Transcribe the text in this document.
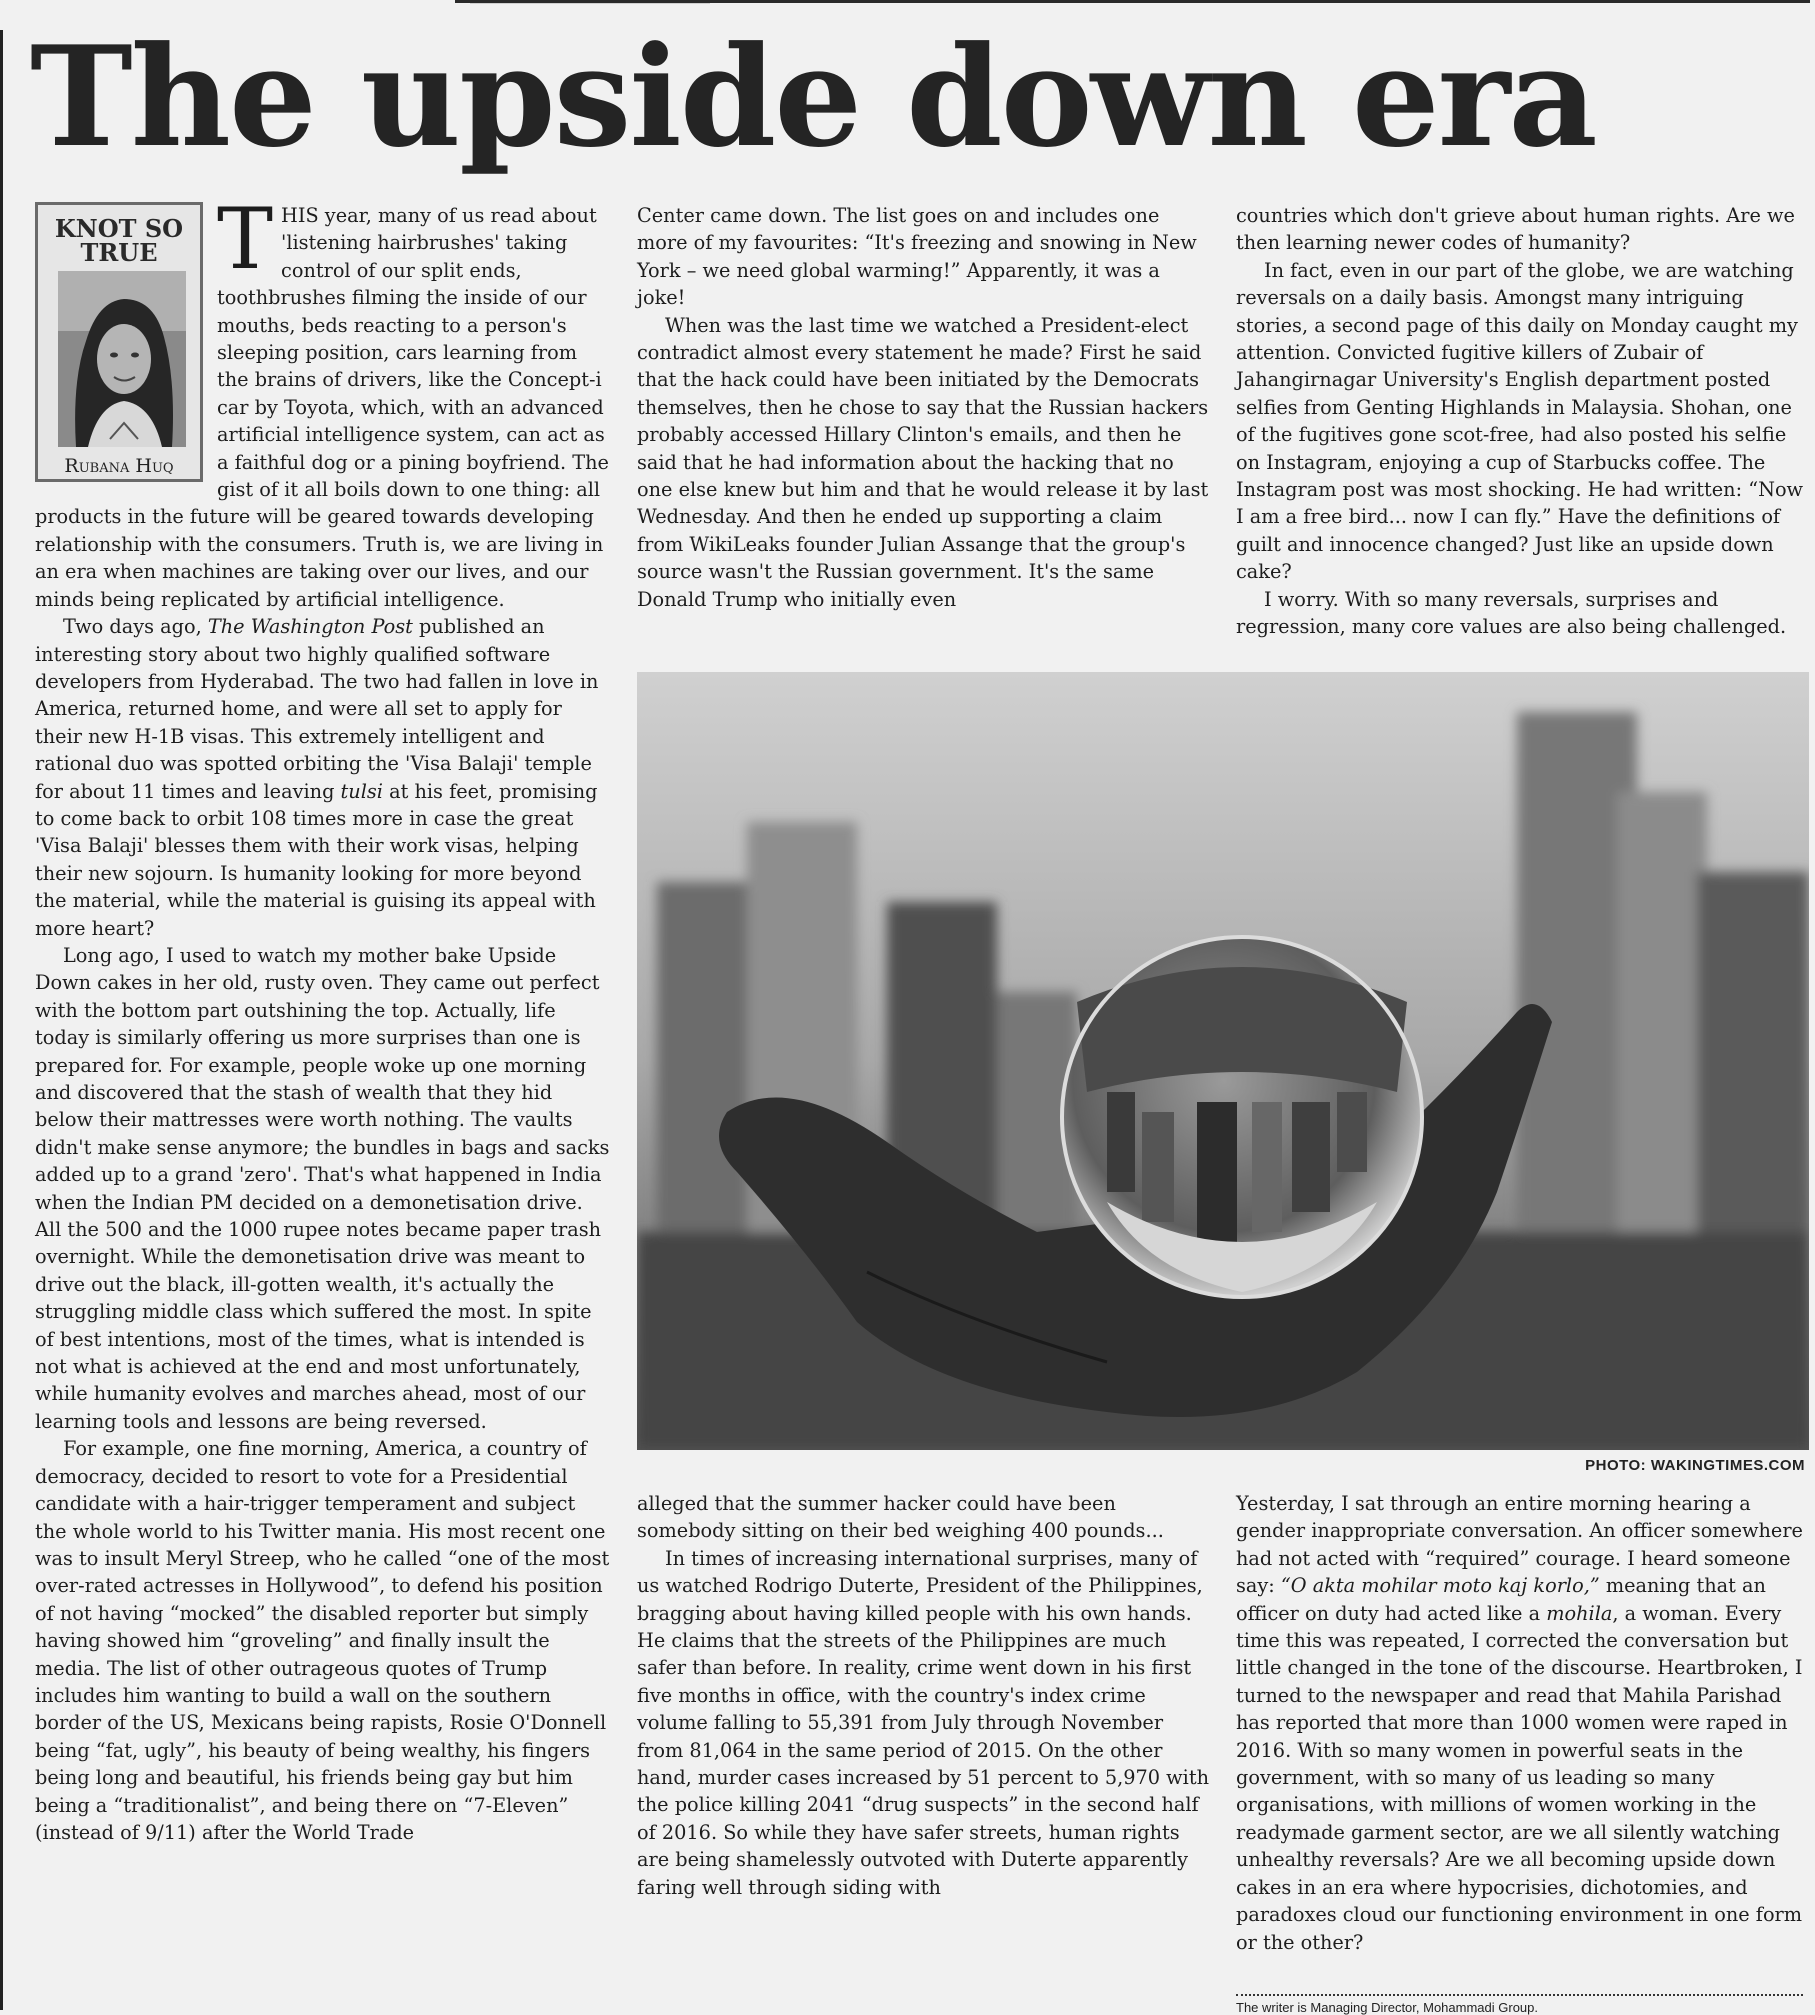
The upside down era
KNOT SO TRUE
Rubana Huq

THIS year, many of us read about 'listening hairbrushes' taking control of our split ends, toothbrushes filming the inside of our mouths, beds reacting to a person's sleeping position, cars learning from the brains of drivers, like the Concept-i car by Toyota, which, with an advanced artificial intelligence system, can act as a faithful dog or a pining boyfriend. The gist of it all boils down to one thing: all products in the future will be geared towards developing relationship with the consumers. Truth is, we are living in an era when machines are taking over our lives, and our minds being replicated by artificial intelligence.

Two days ago, The Washington Post published an interesting story about two highly qualified software developers from Hyderabad. The two had fallen in love in America, returned home, and were all set to apply for their new H-1B visas. This extremely intelligent and rational duo was spotted orbiting the 'Visa Balaji' temple for about 11 times and leaving tulsi at his feet, promising to come back to orbit 108 times more in case the great 'Visa Balaji' blesses them with their work visas, helping their new sojourn. Is humanity looking for more beyond the material, while the material is guising its appeal with more heart?

Long ago, I used to watch my mother bake Upside Down cakes in her old, rusty oven. They came out perfect with the bottom part outshining the top. Actually, life today is similarly offering us more surprises than one is prepared for. For example, people woke up one morning and discovered that the stash of wealth that they hid below their mattresses were worth nothing. The vaults didn't make sense anymore; the bundles in bags and sacks added up to a grand 'zero'. That's what happened in India when the Indian PM decided on a demonetisation drive. All the 500 and the 1000 rupee notes became paper trash overnight. While the demonetisation drive was meant to drive out the black, ill-gotten wealth, it's actually the struggling middle class which suffered the most. In spite of best intentions, most of the times, what is intended is not what is achieved at the end and most unfortunately, while humanity evolves and marches ahead, most of our learning tools and lessons are being reversed.

For example, one fine morning, America, a country of democracy, decided to resort to vote for a Presidential candidate with a hair-trigger temperament and subject the whole world to his Twitter mania. His most recent one was to insult Meryl Streep, who he called “one of the most over-rated actresses in Hollywood”, to defend his position of not having “mocked” the disabled reporter but simply having showed him “groveling” and finally insult the media. The list of other outrageous quotes of Trump includes him wanting to build a wall on the southern border of the US, Mexicans being rapists, Rosie O'Donnell being “fat, ugly”, his beauty of being wealthy, his fingers being long and beautiful, his friends being gay but him being a “traditionalist”, and being there on “7-Eleven” (instead of 9/11) after the World Trade

Center came down. The list goes on and includes one more of my favourites: “It's freezing and snowing in New York – we need global warming!” Apparently, it was a joke!

When was the last time we watched a President-elect contradict almost every statement he made? First he said that the hack could have been initiated by the Democrats themselves, then he chose to say that the Russian hackers probably accessed Hillary Clinton's emails, and then he said that he had information about the hacking that no one else knew but him and that he would release it by last Wednesday. And then he ended up supporting a claim from WikiLeaks founder Julian Assange that the group's source wasn't the Russian government. It's the same Donald Trump who initially even

countries which don't grieve about human rights. Are we then learning newer codes of humanity?

In fact, even in our part of the globe, we are watching reversals on a daily basis. Amongst many intriguing stories, a second page of this daily on Monday caught my attention. Convicted fugitive killers of Zubair of Jahangirnagar University's English department posted selfies from Genting Highlands in Malaysia. Shohan, one of the fugitives gone scot-free, had also posted his selfie on Instagram, enjoying a cup of Starbucks coffee. The Instagram post was most shocking. He had written: “Now I am a free bird... now I can fly.” Have the definitions of guilt and innocence changed? Just like an upside down cake?

I worry. With so many reversals, surprises and regression, many core values are also being challenged.

PHOTO: WAKINGTIMES.COM

alleged that the summer hacker could have been somebody sitting on their bed weighing 400 pounds...

In times of increasing international surprises, many of us watched Rodrigo Duterte, President of the Philippines, bragging about having killed people with his own hands. He claims that the streets of the Philippines are much safer than before. In reality, crime went down in his first five months in office, with the country's index crime volume falling to 55,391 from July through November from 81,064 in the same period of 2015. On the other hand, murder cases increased by 51 percent to 5,970 with the police killing 2041 “drug suspects” in the second half of 2016. So while they have safer streets, human rights are being shamelessly outvoted with Duterte apparently faring well through siding with

Yesterday, I sat through an entire morning hearing a gender inappropriate conversation. An officer somewhere had not acted with “required” courage. I heard someone say: “O akta mohilar moto kaj korlo,” meaning that an officer on duty had acted like a mohila, a woman. Every time this was repeated, I corrected the conversation but little changed in the tone of the discourse. Heartbroken, I turned to the newspaper and read that Mahila Parishad has reported that more than 1000 women were raped in 2016. With so many women in powerful seats in the government, with so many of us leading so many organisations, with millions of women working in the readymade garment sector, are we all silently watching unhealthy reversals? Are we all becoming upside down cakes in an era where hypocrisies, dichotomies, and paradoxes cloud our functioning environment in one form or the other?

The writer is Managing Director, Mohammadi Group.
